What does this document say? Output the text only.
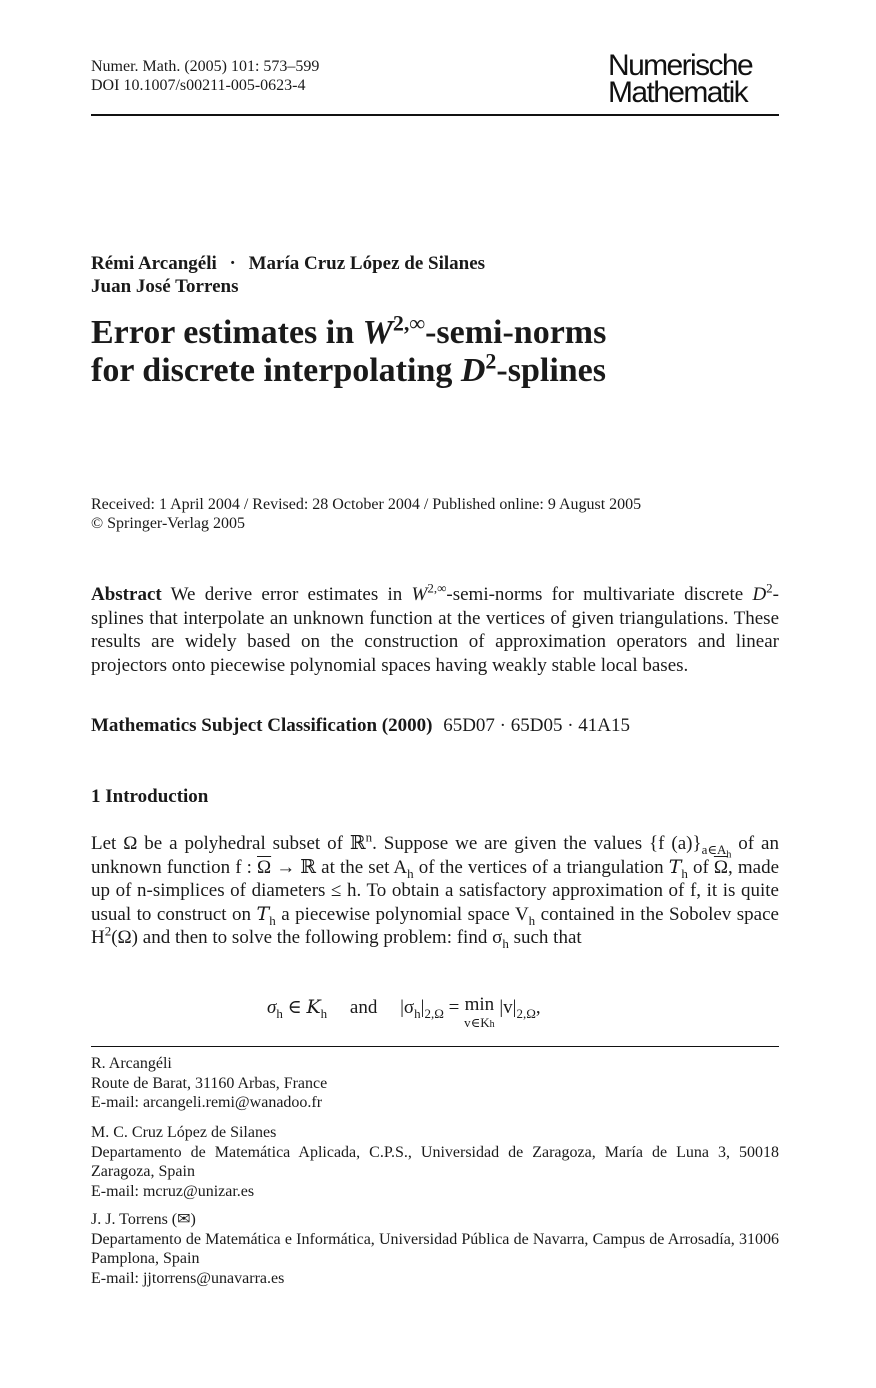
Numer. Math. (2005) 101: 573–599
DOI 10.1007/s00211-005-0623-4
Numerische
Mathematik
Rémi Arcangéli · María Cruz López de Silanes
Juan José Torrens
Error estimates in $W^{2,\infty}-semi$-norms
for discrete interpolating $D^2$-splines
Received: 1 April 2004 / Revised: 28 October 2004 / Published online: 9 August 2005
© Springer-Verlag 2005
Abstract We derive error estimates in $W^{2,\infty}-semi$-norms for multivariate discrete $D^2$-splines that interpolate an unknown function at the vertices of given triangulations. These results are widely based on the construction of approximation operators and linear projectors onto piecewise polynomial spaces having weakly stable local bases.
Mathematics Subject Classification (2000) 65D07 · 65D05 · 41A15
1 Introduction
Let Ω be a polyhedral subset of ℝ$^n$. Suppose we are given the values {f $(a)\}_{a\in A_h}$ of an unknown function f : $\overline{\Omega}$ → ℝ at the set $A_h$ of the vertices of a triangulation $T_h$ of $\overline{\Omega}$, made up of n-simplices of diameters ≤ h. To obtain a satisfactory approximation of f, it is quite usual to construct on $T_h$ a piecewise polynomial space $V_h$ contained in the Sobolev space $H^2(\Omega)$ and then to solve the following problem: find $\sigma_h$ such that
$\sigma_h$ ∈ $K_h$ and $|\sigma_h|_{2,\Omega} = \min$
v∈Kh
$|v|_{2,\Omega}$,
R. Arcangéli
Route de Barat, 31160 Arbas, France
E-mail: arcangeli.remi@wanadoo.fr
M. C. Cruz López de Silanes
Departamento de Matemática Aplicada, C.P.S., Universidad de Zaragoza, María de Luna 3, 50018 Zaragoza, Spain
E-mail: mcruz@unizar.es
J. J. Torrens (✉)
Departamento de Matemática e Informática, Universidad Pública de Navarra, Campus de Arrosadía, 31006 Pamplona, Spain
E-mail: jjtorrens@unavarra.es
